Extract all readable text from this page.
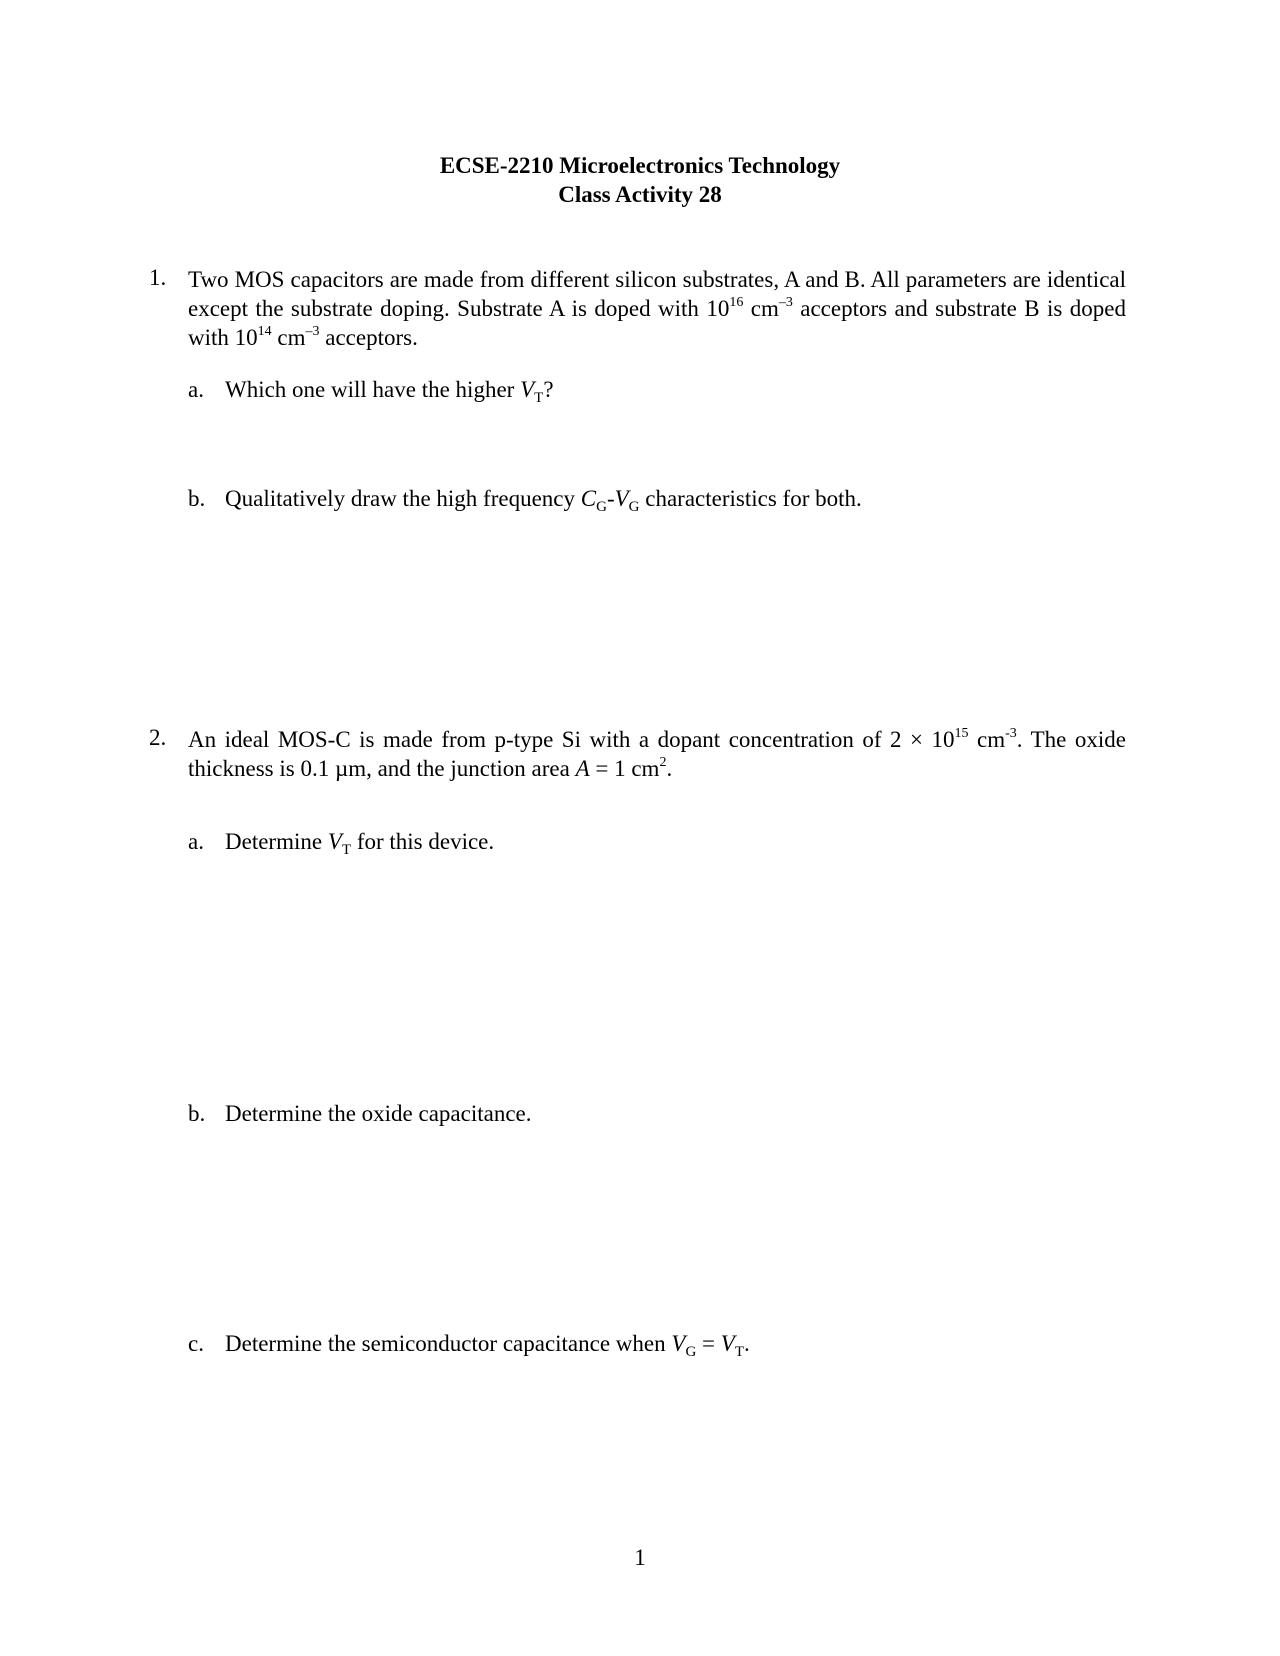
ECSE-2210 Microelectronics Technology
Class Activity 28
1. Two MOS capacitors are made from different silicon substrates, A and B. All parameters are identical except the substrate doping. Substrate A is doped with $10^{16}$ $cm^{-3}$ acceptors and substrate B is doped with $10^{14}$ $cm^{-3}$ acceptors.
a. Which one will have the higher $V_T$?
b. Qualitatively draw the high frequency $C_G-V_G$ characteristics for both.
2. An ideal MOS-C is made from p-type Si with a dopant concentration of $2 \times 10^{15}$ $cm^{-3}$. The oxide thickness is 0.1 µm, and the junction area A = 1 $cm^2$.
a. Determine $V_T$ for this device.
b. Determine the oxide capacitance.
c. Determine the semiconductor capacitance when $V_G = V_T$.
1
